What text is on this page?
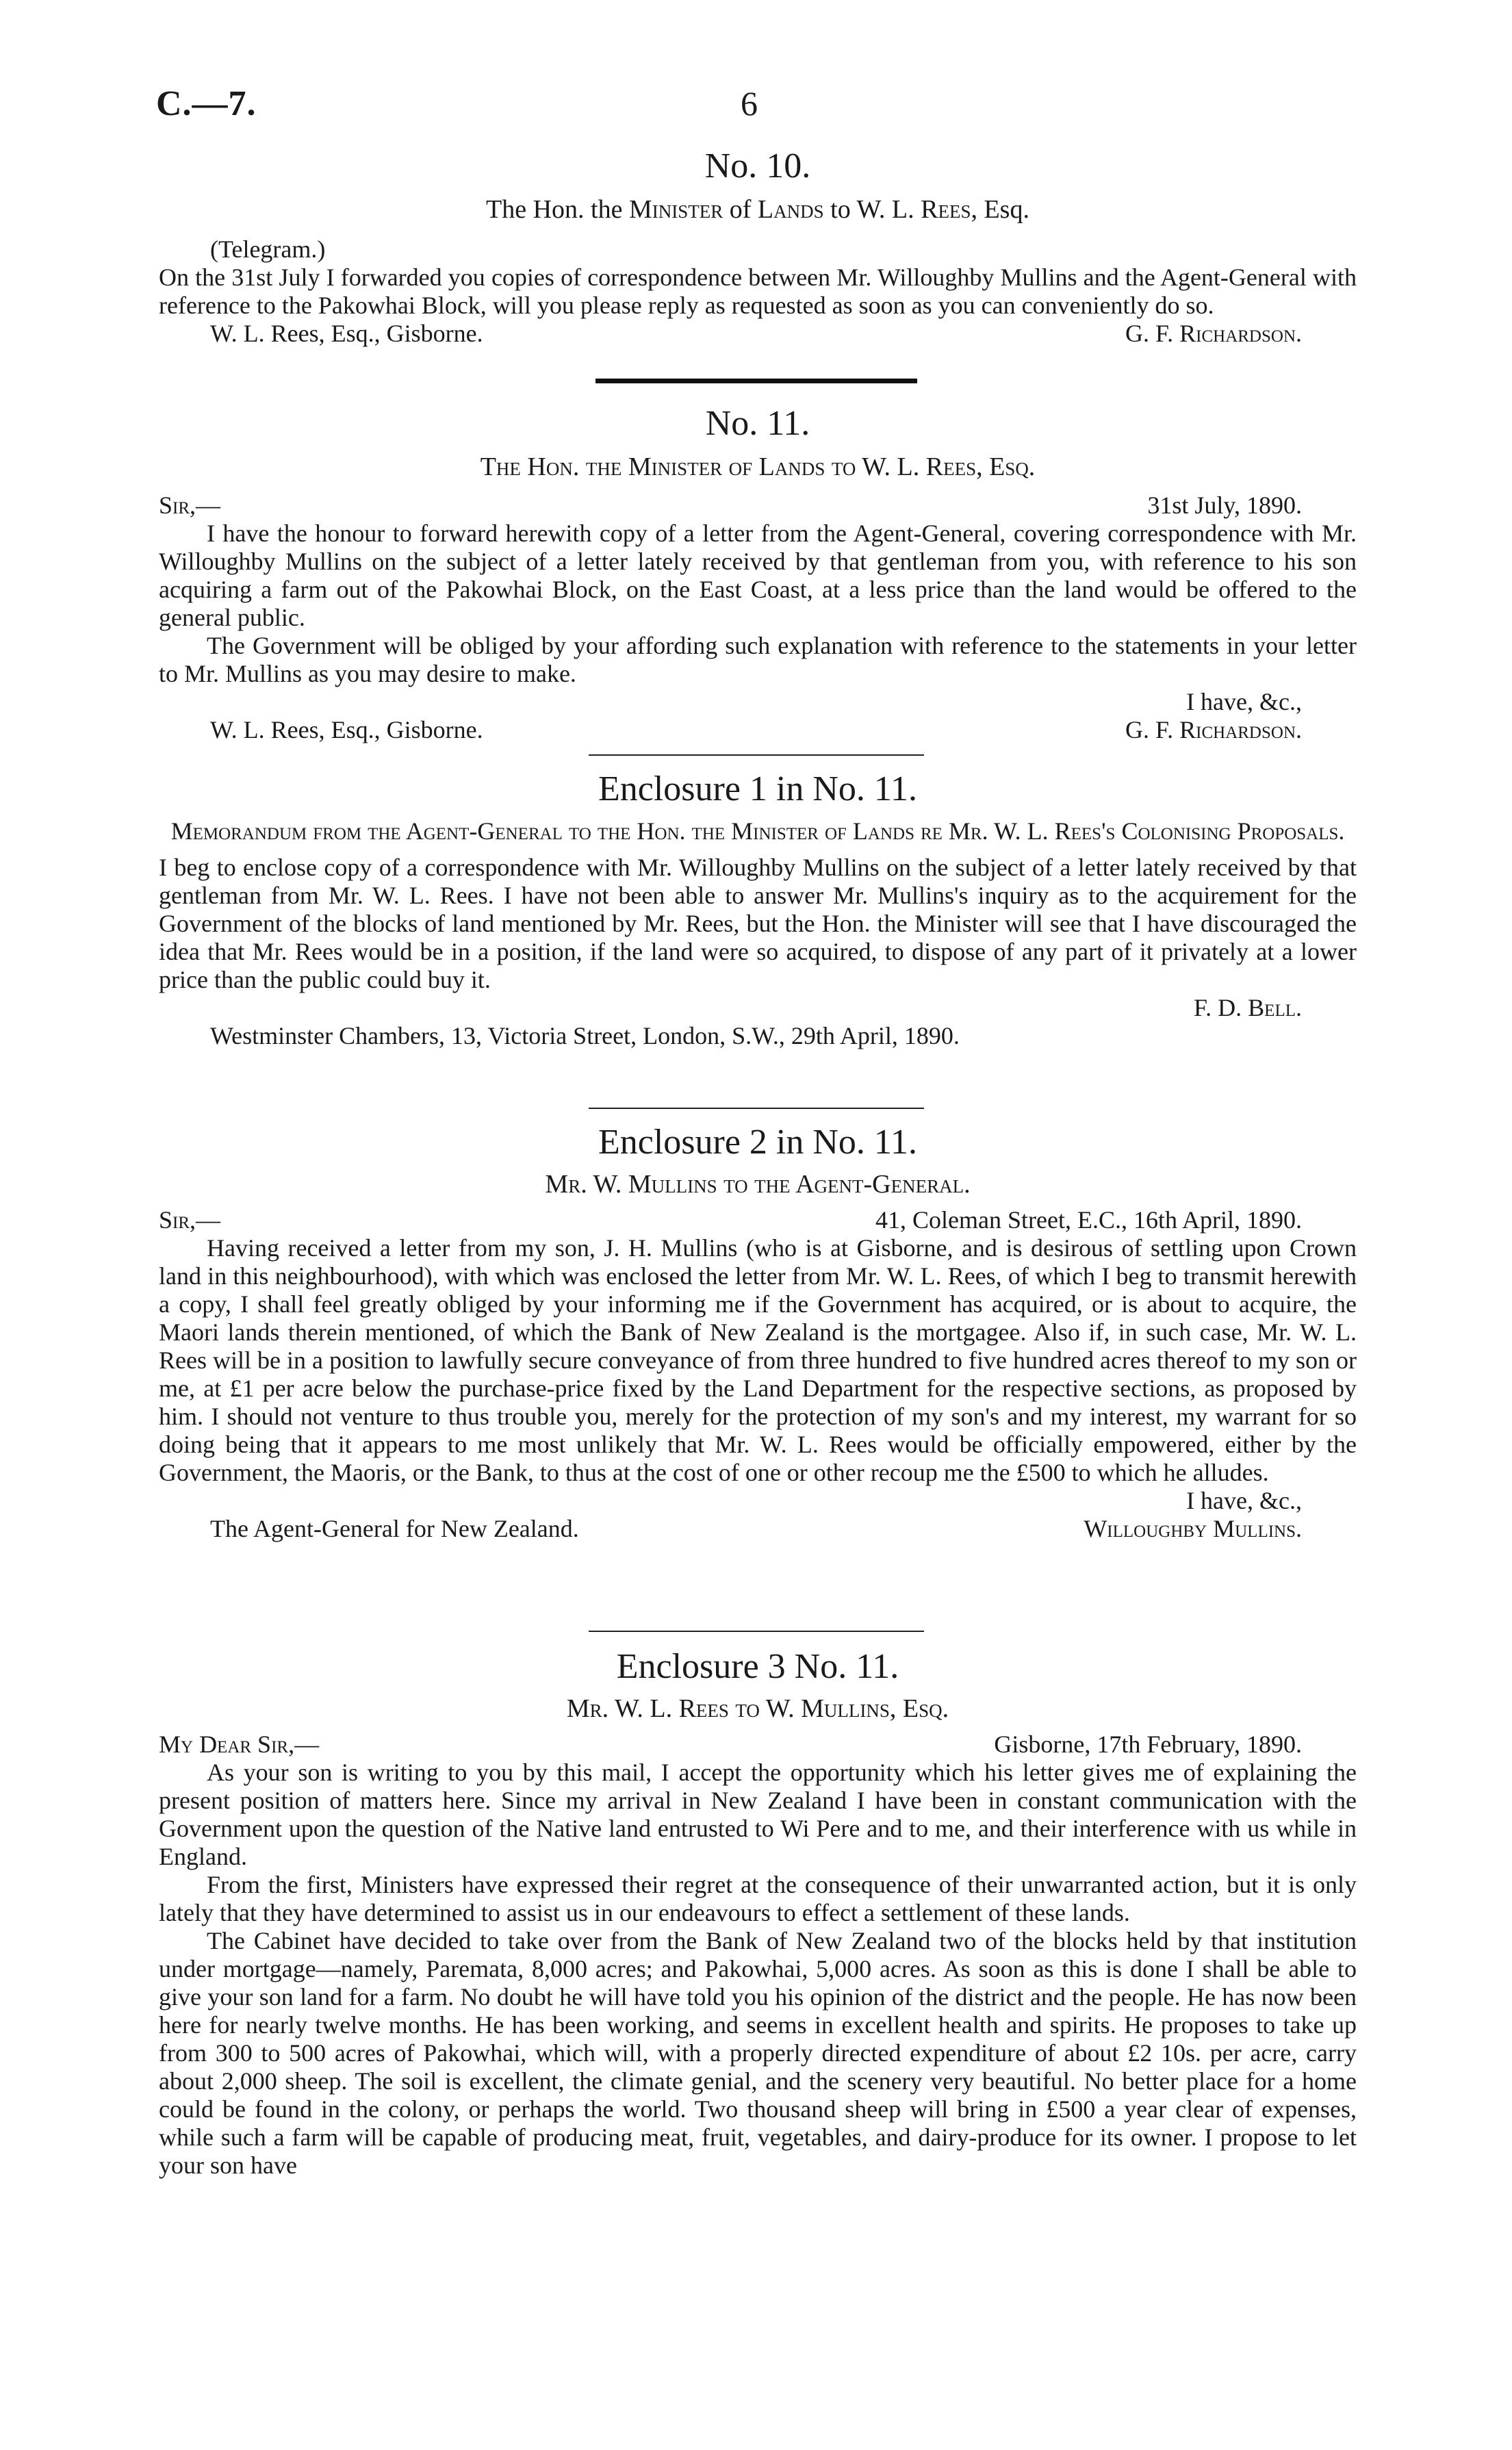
C.—7.	6

No. 10.

The Hon. the Minister of Lands to W. L. Rees, Esq.

(Telegram.)

On the 31st July I forwarded you copies of correspondence between Mr. Willoughby Mullins and the Agent-General with reference to the Pakowhai Block, will you please reply as requested as soon as you can conveniently do so.

W. L. Rees, Esq., Gisborne.	G. F. Richardson.

No. 11.

The Hon. the Minister of Lands to W. L. Rees, Esq.

Sir,—	31st July, 1890.

I have the honour to forward herewith copy of a letter from the Agent-General, covering correspondence with Mr. Willoughby Mullins on the subject of a letter lately received by that gentleman from you, with reference to his son acquiring a farm out of the Pakowhai Block, on the East Coast, at a less price than the land would be offered to the general public.

The Government will be obliged by your affording such explanation with reference to the statements in your letter to Mr. Mullins as you may desire to make.

I have, &c.,

W. L. Rees, Esq., Gisborne.	G. F. Richardson.

Enclosure 1 in No. 11.

Memorandum from the Agent-General to the Hon. the Minister of Lands re Mr. W. L. Rees's Colonising Proposals.

I beg to enclose copy of a correspondence with Mr. Willoughby Mullins on the subject of a letter lately received by that gentleman from Mr. W. L. Rees. I have not been able to answer Mr. Mullins's inquiry as to the acquirement for the Government of the blocks of land mentioned by Mr. Rees, but the Hon. the Minister will see that I have discouraged the idea that Mr. Rees would be in a position, if the land were so acquired, to dispose of any part of it privately at a lower price than the public could buy it.

F. D. Bell.

Westminster Chambers, 13, Victoria Street, London, S.W., 29th April, 1890.

Enclosure 2 in No. 11.

Mr. W. Mullins to the Agent-General.

Sir,—	41, Coleman Street, E.C., 16th April, 1890.

Having received a letter from my son, J. H. Mullins (who is at Gisborne, and is desirous of settling upon Crown land in this neighbourhood), with which was enclosed the letter from Mr. W. L. Rees, of which I beg to transmit herewith a copy, I shall feel greatly obliged by your informing me if the Government has acquired, or is about to acquire, the Maori lands therein mentioned, of which the Bank of New Zealand is the mortgagee. Also if, in such case, Mr. W. L. Rees will be in a position to lawfully secure conveyance of from three hundred to five hundred acres thereof to my son or me, at £1 per acre below the purchase-price fixed by the Land Department for the respective sections, as proposed by him. I should not venture to thus trouble you, merely for the protection of my son's and my interest, my warrant for so doing being that it appears to me most unlikely that Mr. W. L. Rees would be officially empowered, either by the Government, the Maoris, or the Bank, to thus at the cost of one or other recoup me the £500 to which he alludes.

I have, &c.,

The Agent-General for New Zealand.	Willoughby Mullins.

Enclosure 3 No. 11.

Mr. W. L. Rees to W. Mullins, Esq.

My Dear Sir,—	Gisborne, 17th February, 1890.

As your son is writing to you by this mail, I accept the opportunity which his letter gives me of explaining the present position of matters here. Since my arrival in New Zealand I have been in constant communication with the Government upon the question of the Native land entrusted to Wi Pere and to me, and their interference with us while in England.

From the first, Ministers have expressed their regret at the consequence of their unwarranted action, but it is only lately that they have determined to assist us in our endeavours to effect a settlement of these lands.

The Cabinet have decided to take over from the Bank of New Zealand two of the blocks held by that institution under mortgage—namely, Paremata, 8,000 acres; and Pakowhai, 5,000 acres. As soon as this is done I shall be able to give your son land for a farm. No doubt he will have told you his opinion of the district and the people. He has now been here for nearly twelve months. He has been working, and seems in excellent health and spirits. He proposes to take up from 300 to 500 acres of Pakowhai, which will, with a properly directed expenditure of about £2 10s. per acre, carry about 2,000 sheep. The soil is excellent, the climate genial, and the scenery very beautiful. No better place for a home could be found in the colony, or perhaps the world. Two thousand sheep will bring in £500 a year clear of expenses, while such a farm will be capable of producing meat, fruit, vegetables, and dairy-produce for its owner. I propose to let your son have
